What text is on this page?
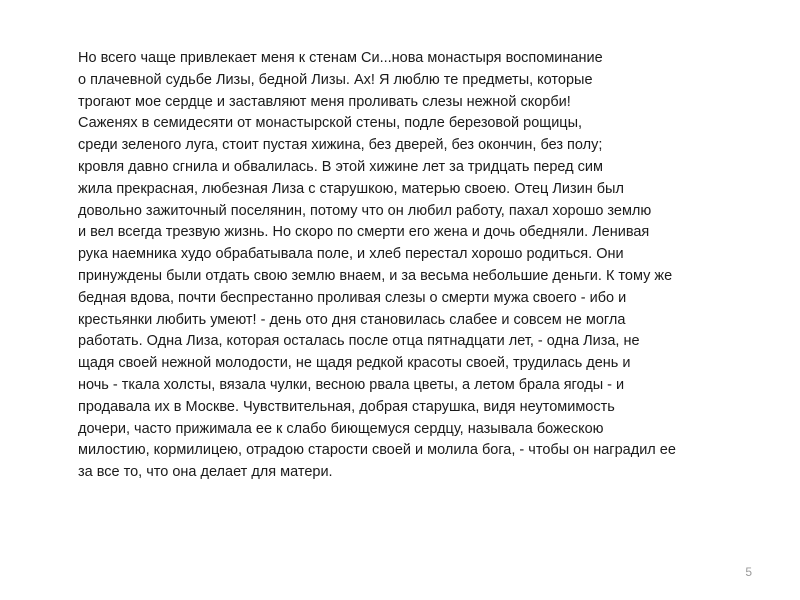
Но всего чаще привлекает меня к стенам Си...нова монастыря воспоминание
о плачевной судьбе Лизы, бедной Лизы. Ах! Я люблю те предметы, которые
трогают мое сердце и заставляют меня проливать слезы нежной скорби!
Саженях в семидесяти от монастырской стены, подле березовой рощицы,
среди зеленого луга, стоит пустая хижина, без дверей, без окончин, без полу;
кровля давно сгнила и обвалилась. В этой хижине лет за тридцать перед сим
жила прекрасная, любезная Лиза с старушкою, матерью своею. Отец Лизин был
довольно зажиточный поселянин, потому что он любил работу, пахал хорошо землю
и вел всегда трезвую жизнь. Но скоро по смерти его жена и дочь обедняли. Ленивая
рука наемника худо обрабатывала поле, и хлеб перестал хорошо родиться. Они
принуждены были отдать свою землю внаем, и за весьма небольшие деньги. К тому же
бедная вдова, почти беспрестанно проливая слезы о смерти мужа своего - ибо и
крестьянки любить умеют! - день ото дня становилась слабее и совсем не могла
работать. Одна Лиза, которая осталась после отца пятнадцати лет, - одна Лиза, не
щадя своей нежной молодости, не щадя редкой красоты своей, трудилась день и
ночь - ткала холсты, вязала чулки, весною рвала цветы, а летом брала ягоды - и
продавала их в Москве. Чувствительная, добрая старушка, видя неутомимость
дочери, часто прижимала ее к слабо биющемуся сердцу, называла божескою
милостию, кормилицею, отрадою старости своей и молила бога, - чтобы он наградил ее
за все то, что она делает для матери.
5
